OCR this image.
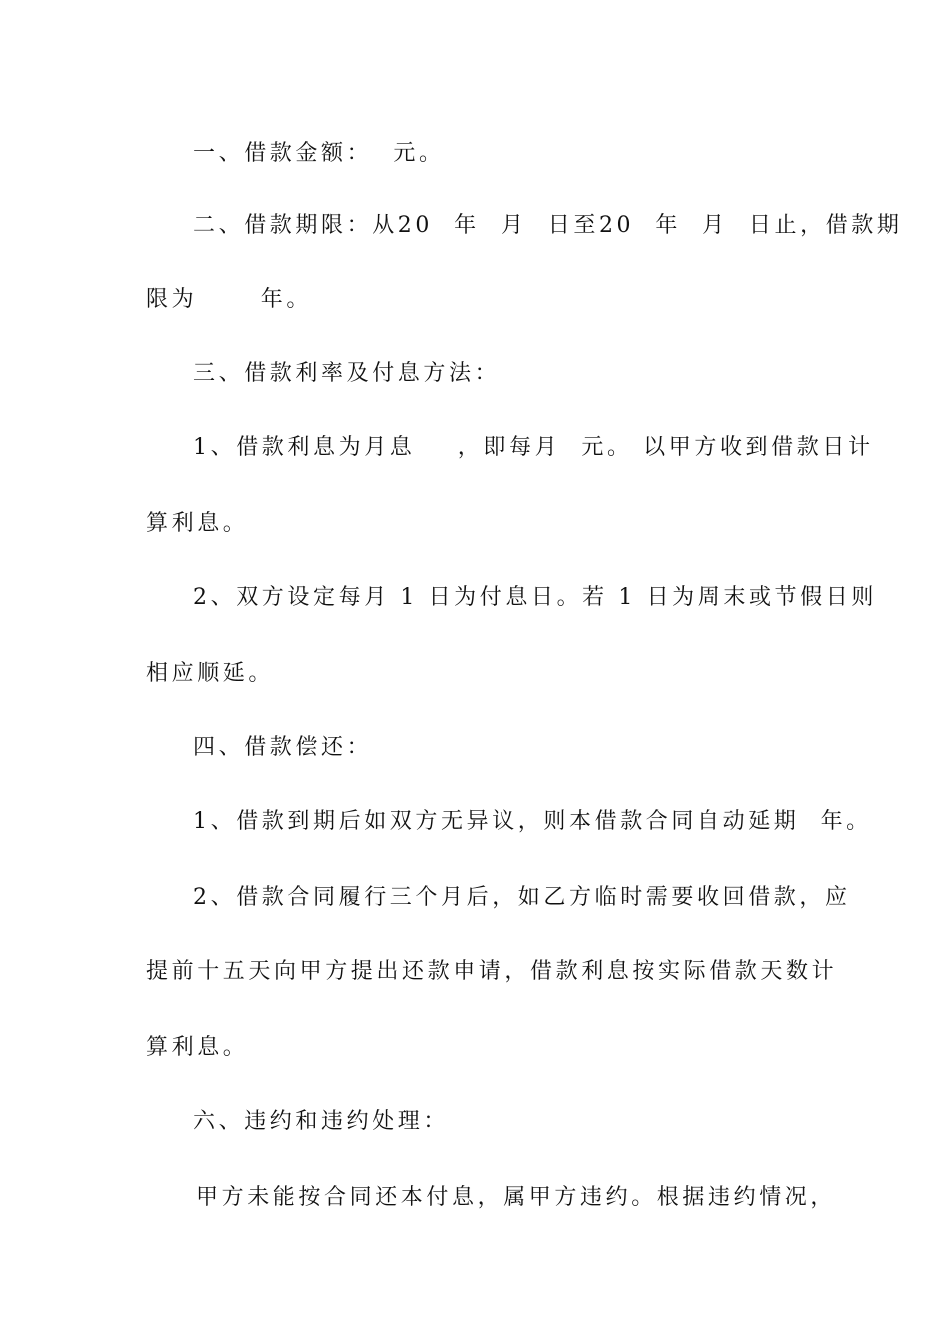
一、借款金额：  元。
二、借款期限：从20  年  月  日至20  年  月  日止，借款期
限为      年。
三、借款利率及付息方法：
1、借款利息为月息    ，即每月  元。 以甲方收到借款日计
算利息。
2、双方设定每月 1 日为付息日。若 1 日为周末或节假日则
相应顺延。
四、借款偿还：
1、借款到期后如双方无异议，则本借款合同自动延期  年。
2、借款合同履行三个月后，如乙方临时需要收回借款，应
提前十五天向甲方提出还款申请，借款利息按实际借款天数计
算利息。
六、违约和违约处理：
甲方未能按合同还本付息，属甲方违约。根据违约情况，
